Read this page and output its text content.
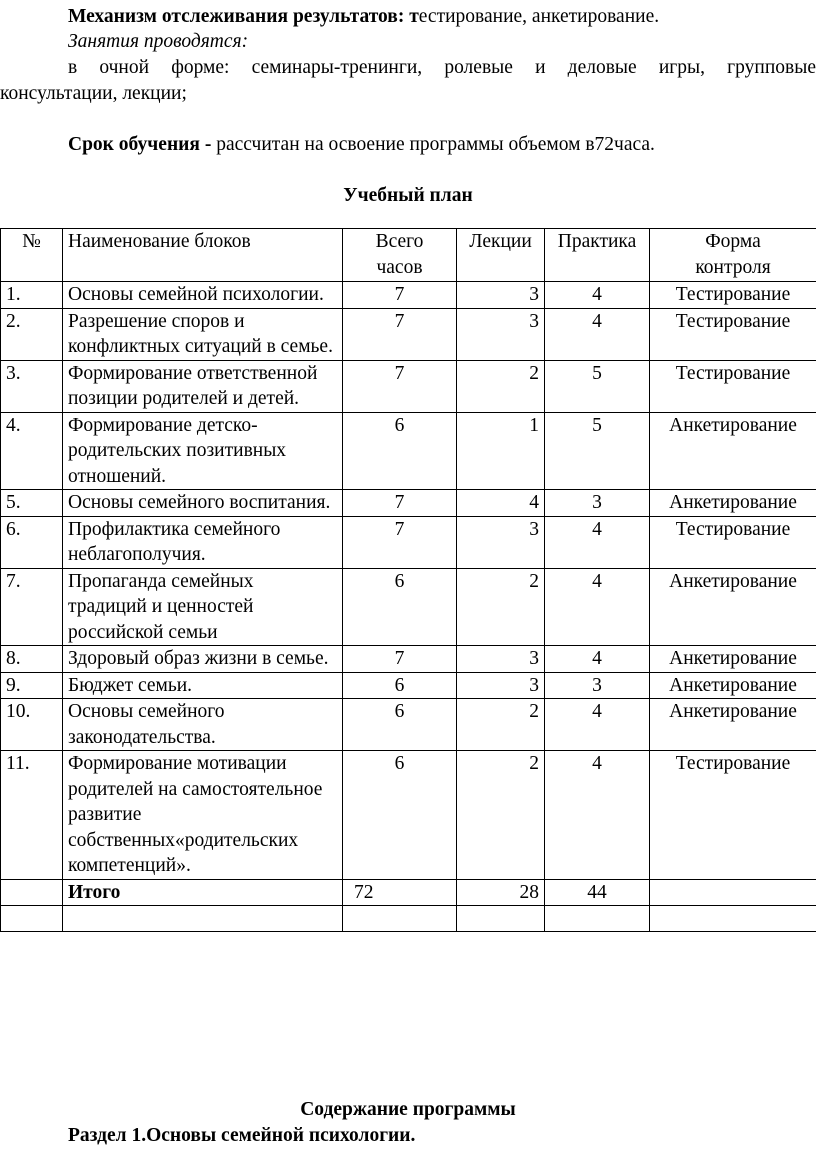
Механизм отслеживания результатов: тестирование, анкетирование.
Занятия проводятся:
в очной форме: семинары-тренинги, ролевые и деловые игры, групповые
консультации, лекции;
Срок обучения - рассчитан на освоение программы объемом в72часа.
Учебный план
№	Наименование блоков	Всего часов	Лекции	Практика	Форма контроля
1.	Основы семейной психологии.	7	3	4	Тестирование
2.	Разрешение споров и конфликтных ситуаций в семье.	7	3	4	Тестирование
3.	Формирование ответственной позиции родителей и детей.	7	2	5	Тестирование
4.	Формирование детско-родительских позитивных отношений.	6	1	5	Анкетирование
5.	Основы семейного воспитания.	7	4	3	Анкетирование
6.	Профилактика семейного неблагополучия.	7	3	4	Тестирование
7.	Пропаганда семейных традиций и ценностей российской семьи	6	2	4	Анкетирование
8.	Здоровый образ жизни в семье.	7	3	4	Анкетирование
9.	Бюджет семьи.	6	3	3	Анкетирование
10.	Основы семейного законодательства.	6	2	4	Анкетирование
11.	Формирование мотивации родителей на самостоятельное развитие собственных«родительских компетенций».	6	2	4	Тестирование
	Итого	72	28	44	

Содержание программы
Раздел 1.Основы семейной психологии.
